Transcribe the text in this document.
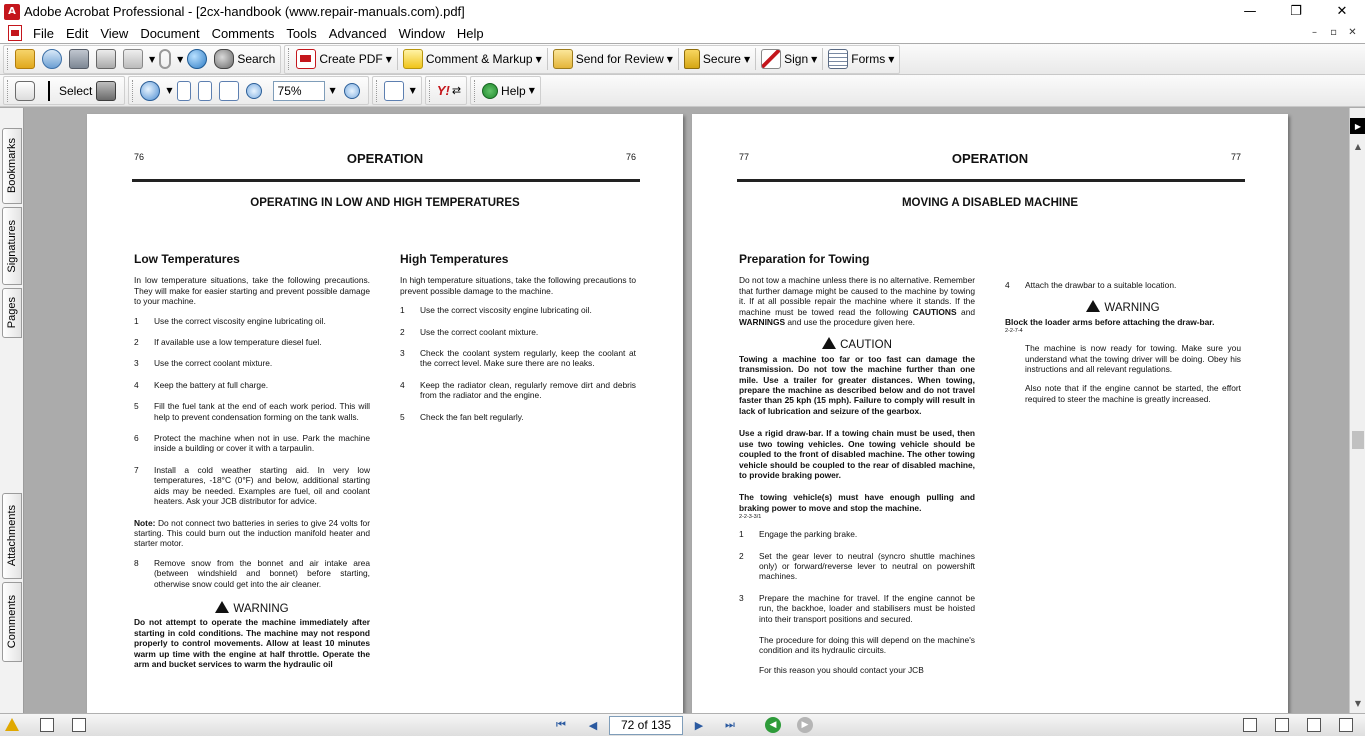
A Adobe Acrobat Professional - [2cx-handbook (www.repair-manuals.com).pdf]	—	❐	✕
File Edit View Document Comments Tools Advanced Window Help	–	▫	✕
▼	▼	Search	Create PDF ▼	Comment & Markup ▼	Send for Review ▼	Secure ▼	Sign ▼	Forms ▼
Select	▼	75%	▼	▼ Y! ⇄	Help ▼
Bookmarks
Signatures
Pages
Attachments
Comments
76	OPERATION	76
OPERATING IN LOW AND HIGH TEMPERATURES
Low Temperatures

In low temperature situations, take the following precautions. They will make for easier starting and prevent possible damage to your machine.

1	Use the correct viscosity engine lubricating oil.
2	If available use a low temperature diesel fuel.
3	Use the correct coolant mixture.
4	Keep the battery at full charge.
5	Fill the fuel tank at the end of each work period. This will help to prevent condensation forming on the tank walls.
6	Protect the machine when not in use. Park the machine inside a building or cover it with a tarpaulin.
7	Install a cold weather starting aid. In very low temperatures, -18°C (0°F) and below, additional starting aids may be needed. Examples are fuel, oil and coolant heaters. Ask your JCB distributor for advice.

Note: Do not connect two batteries in series to give 24 volts for starting. This could burn out the induction manifold heater and starter motor.

8	Remove snow from the bonnet and air intake area (between windshield and bonnet) before starting, otherwise snow could get into the air cleaner.
WARNING

Do not attempt to operate the machine immediately after starting in cold conditions. The machine may not respond properly to control movements. Allow at least 10 minutes warm up time with the engine at half throttle. Operate the arm and bucket services to warm the hydraulic oil

High Temperatures

In high temperature situations, take the following precautions to prevent possible damage to the machine.

1	Use the correct viscosity engine lubricating oil.
2	Use the correct coolant mixture.
3	Check the coolant system regularly, keep the coolant at the correct level. Make sure there are no leaks.
4	Keep the radiator clean, regularly remove dirt and debris from the radiator and the engine.
5	Check the fan belt regularly.
77	OPERATION	77
MOVING A DISABLED MACHINE
Preparation for Towing

Do not tow a machine unless there is no alternative. Remember that further damage might be caused to the machine by towing it. If at all possible repair the machine where it stands. If the machine must be towed read the following CAUTIONS and WARNINGS and use the procedure given here.

CAUTION

Towing a machine too far or too fast can damage the transmission. Do not tow the machine further than one mile. Use a trailer for greater distances. When towing, prepare the machine as described below and do not travel faster than 25 kph (15 mph). Failure to comply will result in lack of lubrication and seizure of the gearbox.

Use a rigid draw-bar. If a towing chain must be used, then use two towing vehicles. One towing vehicle should be coupled to the front of disabled machine. The other towing vehicle should be coupled to the rear of disabled machine, to provide braking power.

The towing vehicle(s) must have enough pulling and braking power to move and stop the machine.

2-2-3-3/1
1	Engage the parking brake.
2	Set the gear lever to neutral (syncro shuttle machines only) or forward/reverse lever to neutral on powershift machines.
3	Prepare the machine for travel. If the engine cannot be run, the backhoe, loader and stabilisers must be hoisted into their transport positions and secured.

The procedure for doing this will depend on the machine's condition and its hydraulic circuits.

For this reason you should contact your JCB

4	Attach the drawbar to a suitable location.
WARNING

Block the loader arms before attaching the draw-bar.

2-2-7-4

The machine is now ready for towing. Make sure you understand what the towing driver will be doing. Obey his instructions and all relevant regulations.

Also note that if the engine cannot be started, the effort required to steer the machine is greatly increased.

▶
▲
▼
⏮	◀	72 of 135	▶	⏭	◀	▶
